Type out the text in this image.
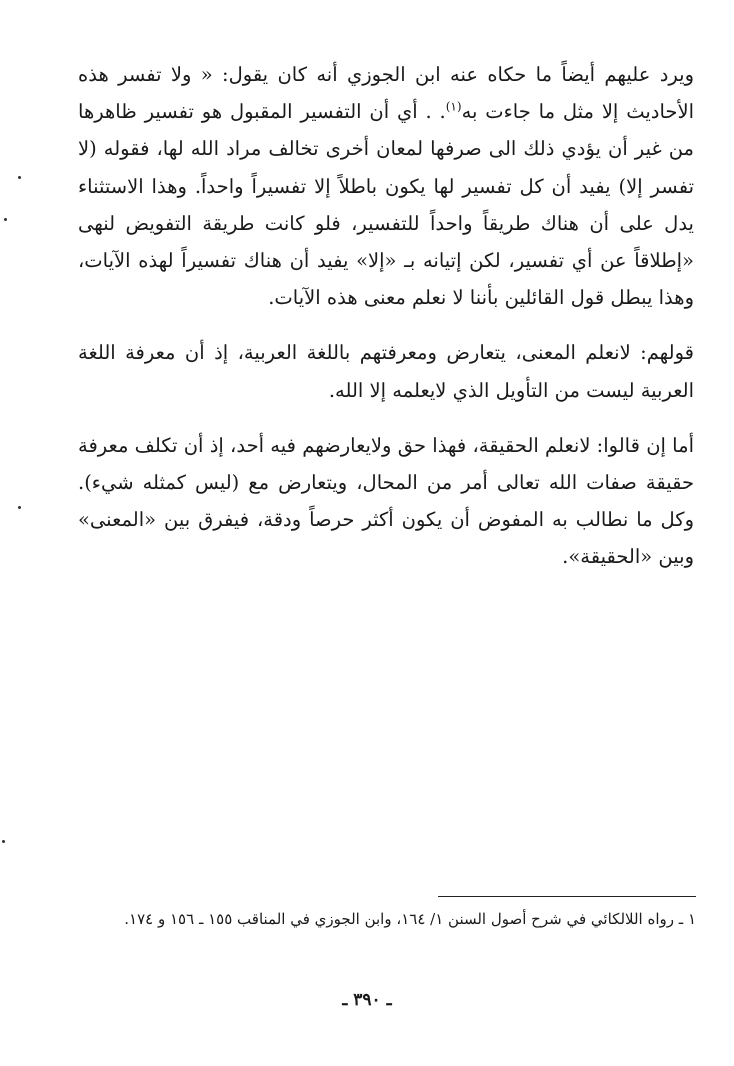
ويرد عليهم أيضاً ما حكاه عنه ابن الجوزي أنه كان يقول: « ولا تفسر هذه الأحاديث إلا مثل ما جاءت به$^{(١)}$. . أي أن التفسير المقبول هو تفسير ظاهرها من غير أن يؤدي ذلك الى صرفها لمعان أخرى تخالف مراد الله لها، فقوله (لا تفسر إلا) يفيد أن كل تفسير لها يكون باطلاً إلا تفسيراً واحداً. وهذا الاستثناء يدل على أن هناك طريقاً واحداً للتفسير، فلو كانت طريقة التفويض لنهى «إطلاقاً عن أي تفسير، لكن إتيانه بـ «إلا» يفيد أن هناك تفسيراً لهذه الآيات، وهذا يبطل قول القائلين بأننا لا نعلم معنى هذه الآيات.

قولهم: لانعلم المعنى، يتعارض ومعرفتهم باللغة العربية، إذ أن معرفة اللغة العربية ليست من التأويل الذي لايعلمه إلا الله.

أما إن قالوا: لانعلم الحقيقة، فهذا حق ولايعارضهم فيه أحد، إذ أن تكلف معرفة حقيقة صفات الله تعالى أمر من المحال، ويتعارض مع (ليس كمثله شيء). وكل ما نطالب به المفوض أن يكون أكثر حرصاً ودقة، فيفرق بين «المعنى» وبين «الحقيقة».

١ ـ رواه اللالكائي في شرح أصول السنن ١/ ١٦٤، وابن الجوزي في المناقب ١٥٥ ـ ١٥٦ و ١٧٤.
ـ ٣٩٠ ـ
